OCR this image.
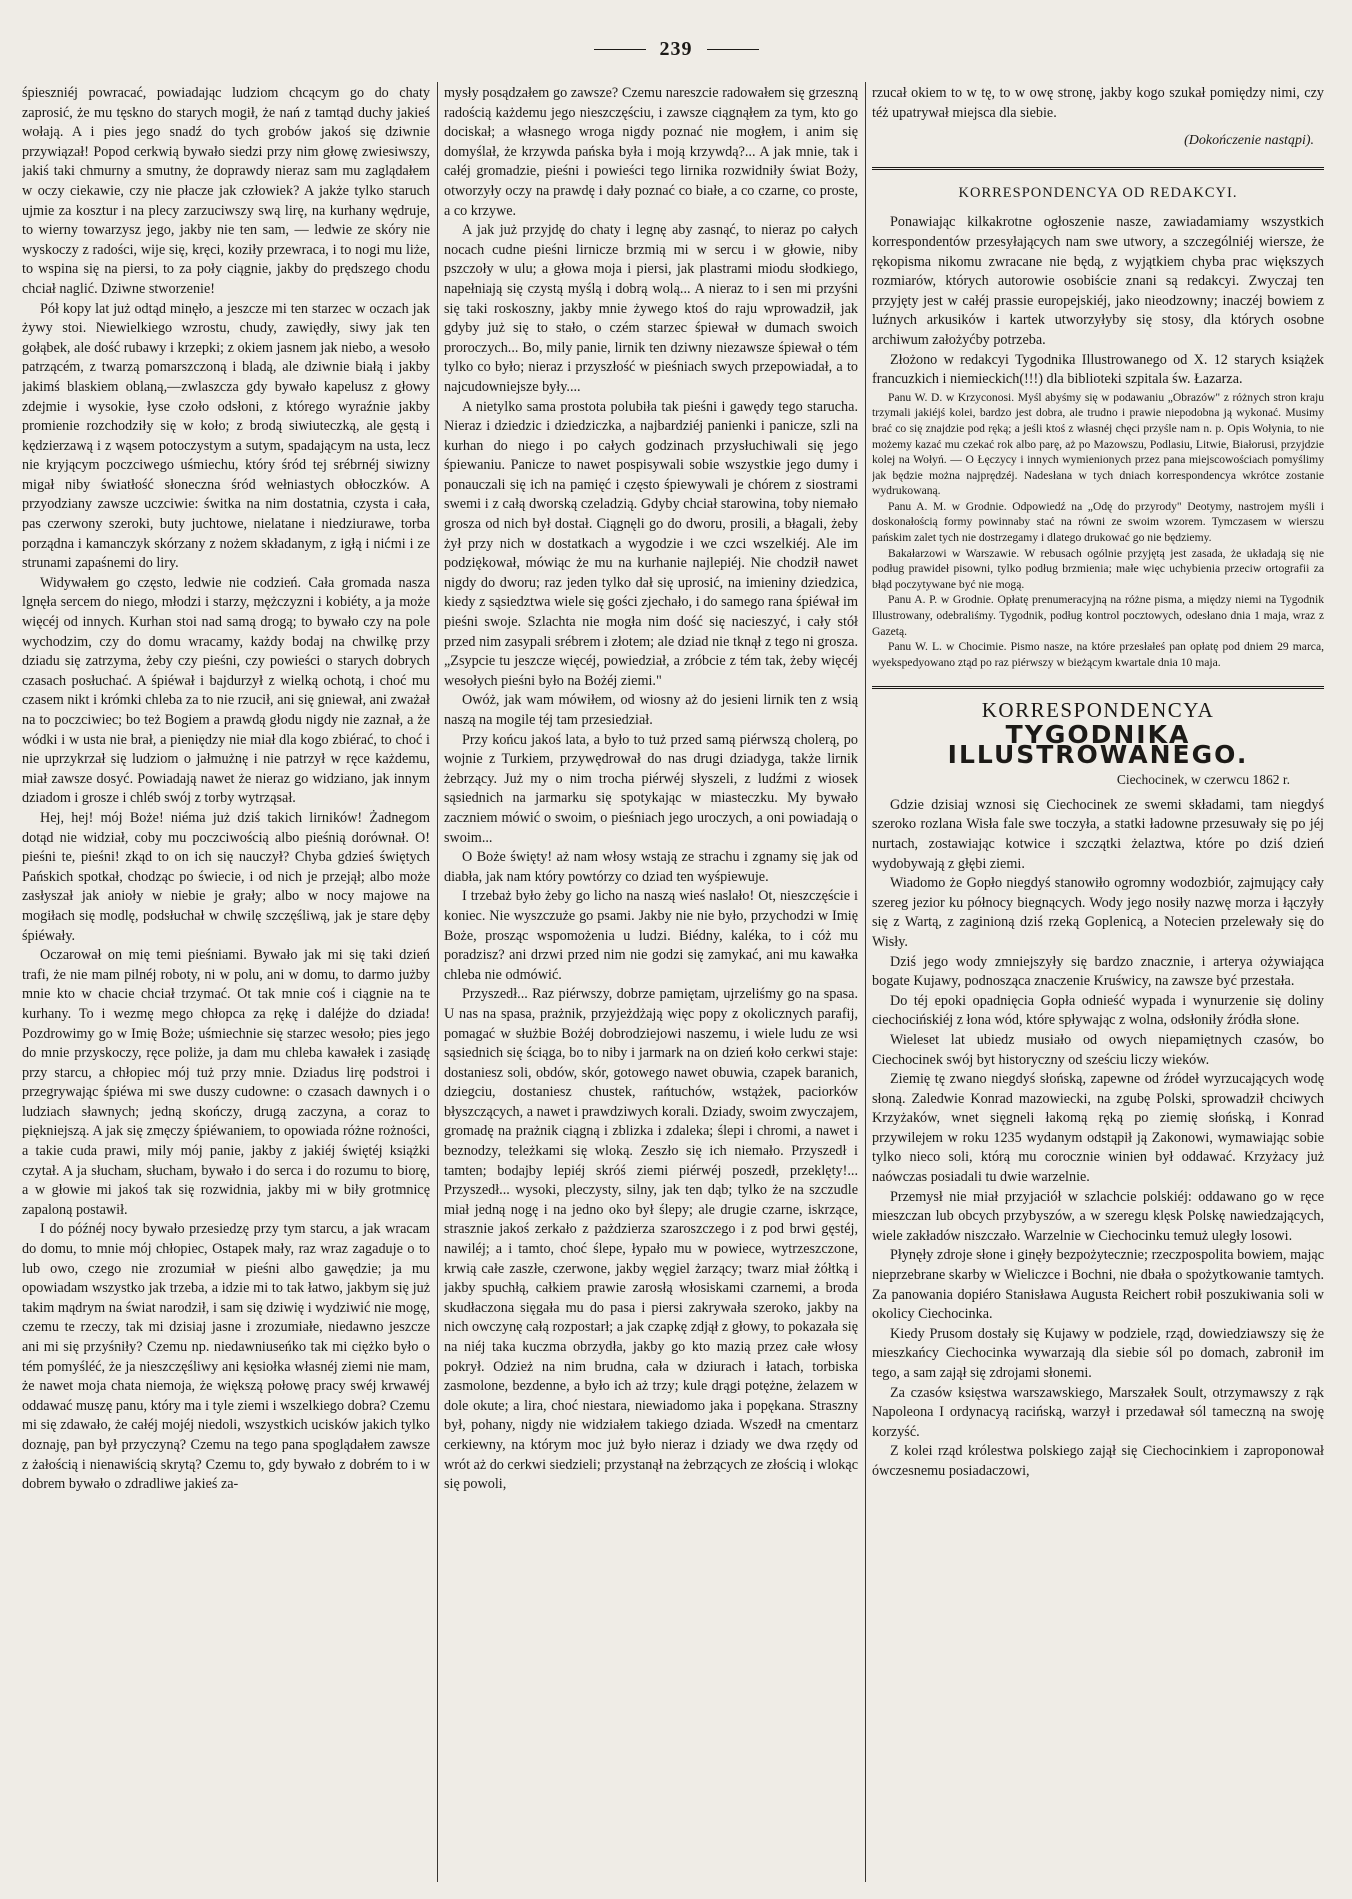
239

śpieszniéj powracać, powiadając ludziom chcącym go do chaty zaprosić, że mu tęskno do starych mogił, że nań z tamtąd duchy jakieś wołają. A i pies jego snadź do tych grobów jakoś się dziwnie przywiązał! Popod cerkwią bywało siedzi przy nim głowę zwiesiwszy, jakiś taki chmurny a smutny, że doprawdy nieraz sam mu zaglądałem w oczy ciekawie, czy nie płacze jak człowiek? A jakże tylko staruch ujmie za kosztur i na plecy zarzuciwszy swą lirę, na kurhany wędruje, to wierny towarzysz jego, jakby nie ten sam, — ledwie ze skóry nie wyskoczy z radości, wije się, kręci, koziły przewraca, i to nogi mu liże, to wspina się na piersi, to za poły ciągnie, jakby do prędszego chodu chciał naglić. Dziwne stworzenie!

Pół kopy lat już odtąd minęło, a jeszcze mi ten starzec w oczach jak żywy stoi. Niewielkiego wzrostu, chudy, zawiędły, siwy jak ten gołąbek, ale dość rubawy i krzepki; z okiem jasnem jak niebo, a wesoło patrzącém, z twarzą pomarszczoną i bladą, ale dziwnie białą i jakby jakimś blaskiem oblaną,—zwlaszcza gdy bywało kapelusz z głowy zdejmie i wysokie, łyse czoło odsłoni, z którego wyraźnie jakby promienie rozchodziły się w koło; z brodą siwiuteczką, ale gęstą i kędzierzawą i z wąsem potoczystym a sutym, spadającym na usta, lecz nie kryjącym poczciwego uśmiechu, który śród tej srébrnéj siwizny migał niby światłość słoneczna śród wełniastych obłoczków. A przyodziany zawsze uczciwie: świtka na nim dostatnia, czysta i cała, pas czerwony szeroki, buty juchtowe, nielatane i niedziurawe, torba porządna i kamanczyk skórzany z nożem składanym, z igłą i nićmi i ze strunami zapaśnemi do liry.

Widywałem go często, ledwie nie codzień. Cała gromada nasza lgnęła sercem do niego, młodzi i starzy, mężczyzni i kobiéty, a ja może więcéj od innych. Kurhan stoi nad samą drogą; to bywało czy na pole wychodzim, czy do domu wracamy, każdy bodaj na chwilkę przy dziadu się zatrzyma, żeby czy pieśni, czy powieści o starych dobrych czasach posłuchać. A śpiéwał i bajdurzył z wielką ochotą, i choć mu czasem nikt i krómki chleba za to nie rzucił, ani się gniewał, ani zważał na to poczciwiec; bo też Bogiem a prawdą głodu nigdy nie zaznał, a że wódki i w usta nie brał, a pieniędzy nie miał dla kogo zbiérać, to choć i nie uprzykrzał się ludziom o jałmużnę i nie patrzył w ręce każdemu, miał zawsze dosyć. Powiadają nawet że nieraz go widziano, jak innym dziadom i grosze i chléb swój z torby wytrząsał.

Hej, hej! mój Boże! niéma już dziś takich lirników! Żadnegom dotąd nie widział, coby mu poczciwością albo pieśnią dorównał. O! pieśni te, pieśni! zkąd to on ich się nauczył? Chyba gdzieś świętych Pańskich spotkał, chodząc po świecie, i od nich je przejął; albo może zasłyszał jak anioły w niebie je grały; albo w nocy majowe na mogiłach się modlę, podsłuchał w chwilę szczęśliwą, jak je stare dęby śpiéwały.

Oczarował on mię temi pieśniami. Bywało jak mi się taki dzień trafi, że nie mam pilnéj roboty, ni w polu, ani w domu, to darmo jużby mnie kto w chacie chciał trzymać. Ot tak mnie coś i ciągnie na te kurhany. To i wezmę mego chłopca za rękę i daléjże do dziada! Pozdrowimy go w Imię Boże; uśmiechnie się starzec wesoło; pies jego do mnie przyskoczy, ręce poliże, ja dam mu chleba kawałek i zasiądę przy starcu, a chłopiec mój tuż przy mnie. Dziadus lirę podstroi i przegrywając śpiéwa mi swe duszy cudowne: o czasach dawnych i o ludziach sławnych; jedną skończy, drugą zaczyna, a coraz to piękniejszą. A jak się zmęczy śpiéwaniem, to opowiada różne rożności, a takie cuda prawi, mily mój panie, jakby z jakiéj świętéj książki czytał. A ja słucham, słucham, bywało i do serca i do rozumu to biorę, a w głowie mi jakoś tak się rozwidnia, jakby mi w biły grotmnicę zapaloną postawił.

I do późnéj nocy bywało przesiedzę przy tym starcu, a jak wracam do domu, to mnie mój chłopiec, Ostapek mały, raz wraz zagaduje o to lub owo, czego nie zrozumiał w pieśni albo gawędzie; ja mu opowiadam wszystko jak trzeba, a idzie mi to tak łatwo, jakbym się już takim mądrym na świat narodził, i sam się dziwię i wydziwić nie mogę, czemu te rzeczy, tak mi dzisiaj jasne i zrozumiałe, niedawno jeszcze ani mi się przyśniły? Czemu np. niedawniuseńko tak mi ciężko było o tém pomyśléć, że ja nieszczęśliwy ani kęsiołka własnéj ziemi nie mam, że nawet moja chata niemoja, że większą połowę pracy swéj krwawéj oddawać muszę panu, który ma i tyle ziemi i wszelkiego dobra? Czemu mi się zdawało, że całéj mojéj niedoli, wszystkich ucisków jakich tylko doznaję, pan był przyczyną? Czemu na tego pana spoglądałem zawsze z żałością i nienawiścią skrytą? Czemu to, gdy bywało z dobrém to i w dobrem bywało o zdradliwe jakieś za-

mysły posądzałem go zawsze? Czemu nareszcie radowałem się grzeszną radością każdemu jego nieszczęściu, i zawsze ciągnąłem za tym, kto go dociskał; a własnego wroga nigdy poznać nie mogłem, i anim się domyślał, że krzywda pańska była i moją krzywdą?... A jak mnie, tak i całéj gromadzie, pieśni i powieści tego lirnika rozwidniły świat Boży, otworzyły oczy na prawdę i dały poznać co białe, a co czarne, co proste, a co krzywe.

A jak już przyjdę do chaty i legnę aby zasnąć, to nieraz po całych nocach cudne pieśni lirnicze brzmią mi w sercu i w głowie, niby pszczoły w ulu; a głowa moja i piersi, jak plastrami miodu słodkiego, napełniają się czystą myślą i dobrą wolą... A nieraz to i sen mi przyśni się taki roskoszny, jakby mnie żywego ktoś do raju wprowadził, jak gdyby już się to stało, o czém starzec śpiewał w dumach swoich proroczych... Bo, mily panie, lirnik ten dziwny niezawsze śpiewał o tém tylko co było; nieraz i przyszłość w pieśniach swych przepowiadał, a to najcudowniejsze były....

A nietylko sama prostota polubiła tak pieśni i gawędy tego staruchа. Nieraz i dziedzic i dziedziczka, a najbardziéj panienki i panicze, szli na kurhan do niego i po całych godzinach przysłuchiwali się jego śpiewaniu. Panicze to nawet pospisywali sobie wszystkie jego dumy i ponauczali się ich na pamięć i często śpiewywali je chórem z siostrami swemi i z całą dworską czeladzią. Gdyby chciał starowina, toby niemało grosza od nich był dostał. Ciągnęli go do dworu, prosili, a błagali, żeby żył przy nich w dostatkach a wygodzie i we czci wszelkiéj. Ale im podziękował, mówiąc że mu na kurhanie najlepiéj. Nie chodził nawet nigdy do dworu; raz jeden tylko dał się uprosić, na imieniny dziedzica, kiedy z sąsiedztwa wiele się gości zjechało, i do samego rana śpiéwał im pieśni swoje. Szlachta nie mogła nim dość się nacieszyć, i cały stół przed nim zasypali srébrem i złotem; ale dziad nie tknął z tego ni grosza. „Zsypcie tu jeszcze więcéj, powiedział, a zróbcie z tém tak, żeby więcéj wesołych pieśni było na Bożéj ziemi."

Owóż, jak wam mówiłem, od wiosny aż do jesieni lirnik ten z wsią naszą na mogile téj tam przesiedział.

Przy końcu jakoś lata, a było to tuż przed samą piérwszą cholerą, po wojnie z Turkiem, przywędrował do nas drugi dziadyga, także lirnik żebrzący. Już my o nim trocha piérwéj słyszeli, z ludźmi z wiosek sąsiednich na jarmarku się spotykając w miasteczku. My bywało zaczniem mówić o swoim, o pieśniach jego uroczych, a oni powiadają o swoim...

O Boże święty! aż nam włosy wstają ze strachu i zgnamy się jak od diabła, jak nam który powtórzy co dziad ten wyśpiewuje.

I trzebaż było żeby go licho na naszą wieś naslało! Ot, nieszczęście i koniec. Nie wyszczuże go psami. Jakby nie nie było, przychodzi w Imię Boże, prosząc wspomożenia u ludzi. Biédny, kaléka, to i cóż mu poradzisz? ani drzwi przed nim nie godzi się zamykać, ani mu kawałka chleba nie odmówić.

Przyszedł... Raz piérwszy, dobrze pamiętam, ujrzeliśmy go na spasa. U nas na spasa, prażnik, przyjeżdżają więc popy z okolicznych parafij, pomagać w służbie Bożéj dobrodziejowi naszemu, i wiele ludu ze wsi sąsiednich się ściąga, bo to niby i jarmark na on dzień koło cerkwi staje: dostaniesz soli, obdów, skór, gotowego nawet obuwia, czapek baranich, dziegciu, dostaniesz chustek, rańtuchów, wstążek, paciorków błyszczących, a nawet i prawdziwych korali. Dziady, swoim zwyczajem, gromadę na prażnik ciągną i zblizka i zdaleka; ślepi i chromi, a nawet i beznodzy, teleżkami się wloką. Zeszło się ich niemało. Przyszedł i tamten; bodajby lepiéj skróś ziemi piérwéj poszedł, przeklęty!... Przyszedł... wysoki, pleczysty, silny, jak ten dąb; tylko że na szczudle miał jedną nogę i na jedno oko był ślepy; ale drugie czarne, iskrzące, strasznie jakoś zerkało z pażdzierza szaroszczego i z pod brwi gęstéj, nawiléj; a i tamto, choć ślepe, łypało mu w powiece, wytrzeszczone, krwią całe zaszłe, czerwone, jakby węgiel żarzący; twarz miał żółtką i jakby spuchłą, całkiem prawie zarosłą włosiskami czarnemi, a broda skudłaczona sięgała mu do pasa i piersi zakrywała szeroko, jakby na nich owczynę całą rozpostarł; a jak czapkę zdjął z głowy, to pokazała się na niéj taka kuczma obrzydła, jakby go kto mazią przez całe włosy pokrył. Odzież na nim brudna, cała w dziurach i łatach, torbiska zasmolone, bezdenne, a było ich aż trzy; kule drągi potężne, żelazem w dole okute; a lira, choć niestara, niewiadomo jaka i popękana. Straszny był, pohany, nigdy nie widziałem takiego dziada. Wszedł na cmentarz cerkiewny, na którym moc już było nieraz i dziady we dwa rzędy od wrót aż do cerkwi siedzieli; przystanął na żebrzących ze złością i wlokąc się powoli,

rzucał okiem to w tę, to w owę stronę, jakby kogo szukał pomiędzy nimi, czy téż upatrywał miejsca dla siebie.

(Dokończenie nastąpi).
KORRESPONDENCYA OD REDAKCYI.

Ponawiając kilkakrotne ogłoszenie nasze, zawiadamiamy wszystkich korrespondentów przesyłających nam swe utwory, a szczególniéj wiersze, że rękopisma nikomu zwracane nie będą, z wyjątkiem chyba prac większych rozmiarów, których autorowie osobiście znani są redakcyi. Zwyczaj ten przyjęty jest w całéj prassie europejskiéj, jako nieodzowny; inaczéj bowiem z luźnych arkusików i kartek utworzyłyby się stosy, dla których osobne archiwum założyćby potrzeba.

Złożono w redakcyi Tygodnika Illustrowanego od X. 12 starych książek francuzkich i niemieckich(!!!) dla biblioteki szpitala św. Łazarza.

Panu W. D. w Krzyconosi. Myśl abyśmy się w podawaniu „Obrazów" z różnych stron kraju trzymali jakiéjś kolei, bardzo jest dobra, ale trudno i prawie niepodobna ją wykonać. Musimy brać co się znajdzie pod ręką; a jeśli ktoś z własnéj chęci przyśle nam n. p. Opis Wołynia, to nie możemy kazać mu czekać rok albo parę, aż po Mazowszu, Podlasiu, Litwie, Białorusi, przyjdzie kolej na Wołyń. — O Łęczycy i innych wymienionych przez pana miejscowościach pomyślimy jak będzie można najprędzéj. Nadesłana w tych dniach korrespondencya wkrótce zostanie wydrukowaną.

Panu A. M. w Grodnie. Odpowiedź na „Odę do przyrody" Deotymy, nastrojem myśli i doskonałością formy powinnaby stać na równi ze swoim wzorem. Tymczasem w wierszu pańskim zalet tych nie dostrzegamy i dlatego drukować go nie będziemy.

Bakałarzowi w Warszawie. W rebusach ogólnie przyjętą jest zasada, że układają się nie podług prawideł pisowni, tylko podług brzmienia; małe więc uchybienia przeciw ortografii za błąd poczytywane być nie mogą.

Panu A. P. w Grodnie. Opłatę prenumeracyjną na różne pisma, a między niemi na Tygodnik Illustrowany, odebraliśmy. Tygodnik, podług kontrol pocztowych, odesłano dnia 1 maja, wraz z Gazetą.

Panu W. L. w Chocimie. Pismo nasze, na które przesłałeś pan opłatę pod dniem 29 marca, wyekspedyowano ztąd po raz piérwszy w bieżącym kwartale dnia 10 maja.

KORRESPONDENCYA
TYGODNIKA ILLUSTROWANEGO.
Ciechocinek, w czerwcu 1862 r.

Gdzie dzisiaj wznosi się Ciechocinek ze swemi składami, tam niegdyś szeroko rozlana Wisła fale swe toczyła, a statki ładowne przesuwały się po jéj nurtach, zostawiając kotwice i szczątki żelaztwa, które po dziś dzień wydobywają z głębi ziemi.

Wiadomo że Gopło niegdyś stanowiło ogromny wodozbiór, zajmujący cały szereg jezior ku północy biegnących. Wody jego nosiły nazwę morza i łączyły się z Wartą, z zaginioną dziś rzeką Goplenicą, a Notecien przelewały się do Wisły.

Dziś jego wody zmniejszyły się bardzo znacznie, i arterya ożywiająca bogate Kujawy, podnosząca znaczenie Kruświcy, na zawsze być przestała.

Do téj epoki opadnięcia Gopła odnieść wypada i wynurzenie się doliny ciechocińskiéj z łona wód, które spływając z wolna, odsłoniły źródła słone.

Wieleset lat ubiedz musiało od owych niepamiętnych czasów, bo Ciechocinek swój byt historyczny od sześciu liczy wieków.

Ziemię tę zwano niegdyś słońską, zapewne od źródeł wyrzucających wodę słoną. Zaledwie Konrad mazowiecki, na zgubę Polski, sprowadził chciwych Krzyżaków, wnet sięgneli łakomą ręką po ziemię słońską, i Konrad przywilejem w roku 1235 wydanym odstąpił ją Zakonowi, wymawiając sobie tylko nieco soli, którą mu corocznie winien był oddawać. Krzyżacy już naówczas posiadali tu dwie warzelnie.

Przemysł nie miał przyjaciół w szlachcie polskiéj: oddawano go w ręce mieszczan lub obcych przybyszów, a w szeregu klęsk Polskę nawiedzających, wiele zakładów niszczało. Warzelnie w Ciechocinku temuż uległy losowi.

Płynęły zdroje słone i ginęły bezpożytecznie; rzeczpospolita bowiem, mając nieprzebrane skarby w Wieliczce i Bochni, nie dbała o spożytkowanie tamtych. Za panowania dopiéro Stanisława Augusta Reichert robił poszukiwania soli w okolicy Ciechocinka.

Kiedy Prusom dostały się Kujawy w podziele, rząd, dowiedziawszy się że mieszkańcy Ciechocinka wywarzają dla siebie sól po domach, zabronił im tego, a sam zajął się zdrojami słonemi.

Za czasów księstwa warszawskiego, Marszałek Soult, otrzymawszy z rąk Napoleona I ordynacyą racińską, warzył i przedawał sól tameczną na swoję korzyść.

Z kolei rząd królestwa polskiego zajął się Ciechocinkiem i zaproponował ówczesnemu posiadaczowi,
